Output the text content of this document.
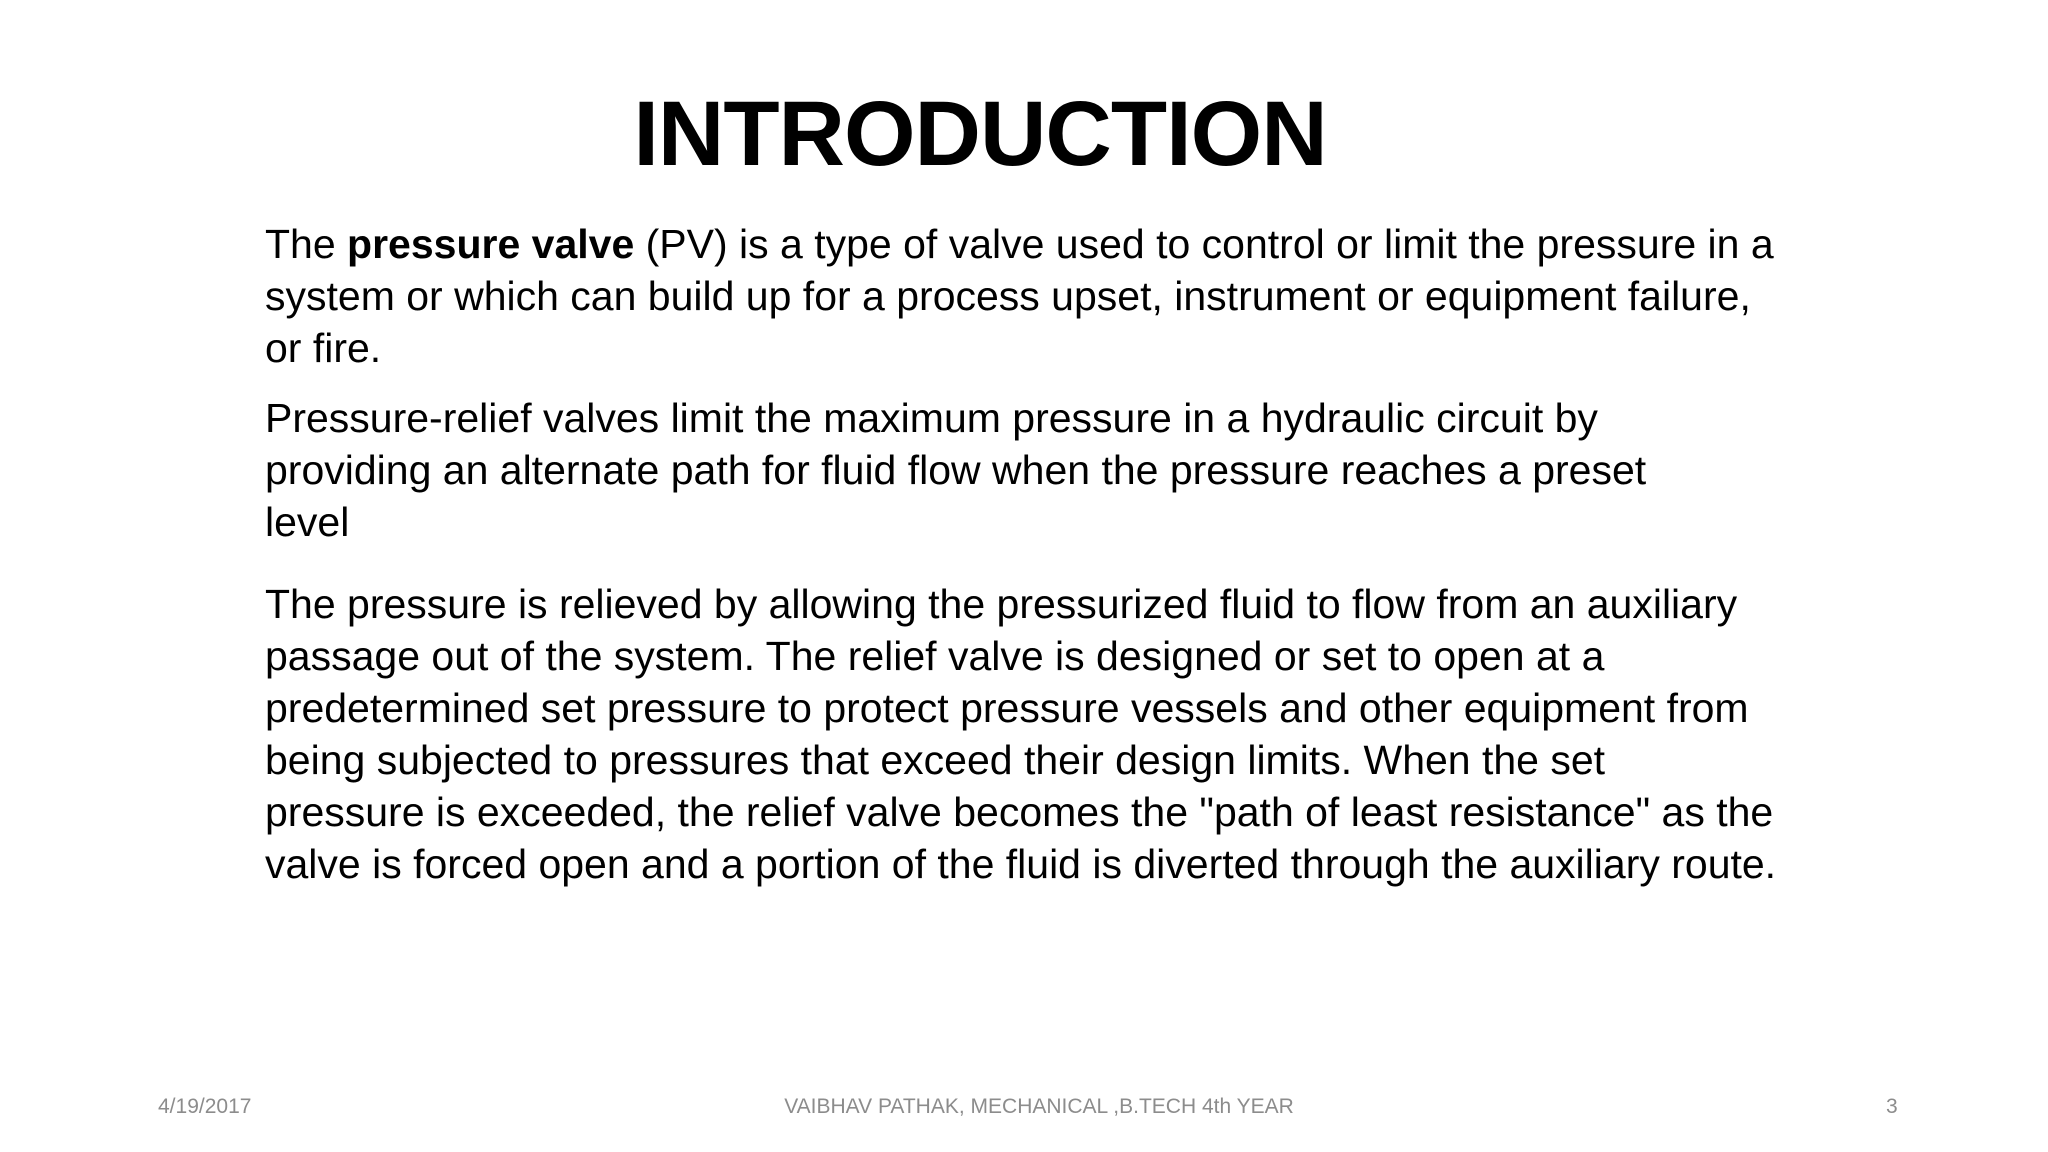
INTRODUCTION

The pressure valve (PV) is a type of valve used to control or limit the pressure in a
system or which can build up for a process upset, instrument or equipment failure,
or fire.

Pressure-relief valves limit the maximum pressure in a hydraulic circuit by
providing an alternate path for fluid flow when the pressure reaches a preset
level

The pressure is relieved by allowing the pressurized fluid to flow from an auxiliary
passage out of the system. The relief valve is designed or set to open at a
predetermined set pressure to protect pressure vessels and other equipment from
being subjected to pressures that exceed their design limits. When the set
pressure is exceeded, the relief valve becomes the "path of least resistance" as the
valve is forced open and a portion of the fluid is diverted through the auxiliary route.

4/19/2017	VAIBHAV PATHAK, MECHANICAL ,B.TECH 4th YEAR	3
